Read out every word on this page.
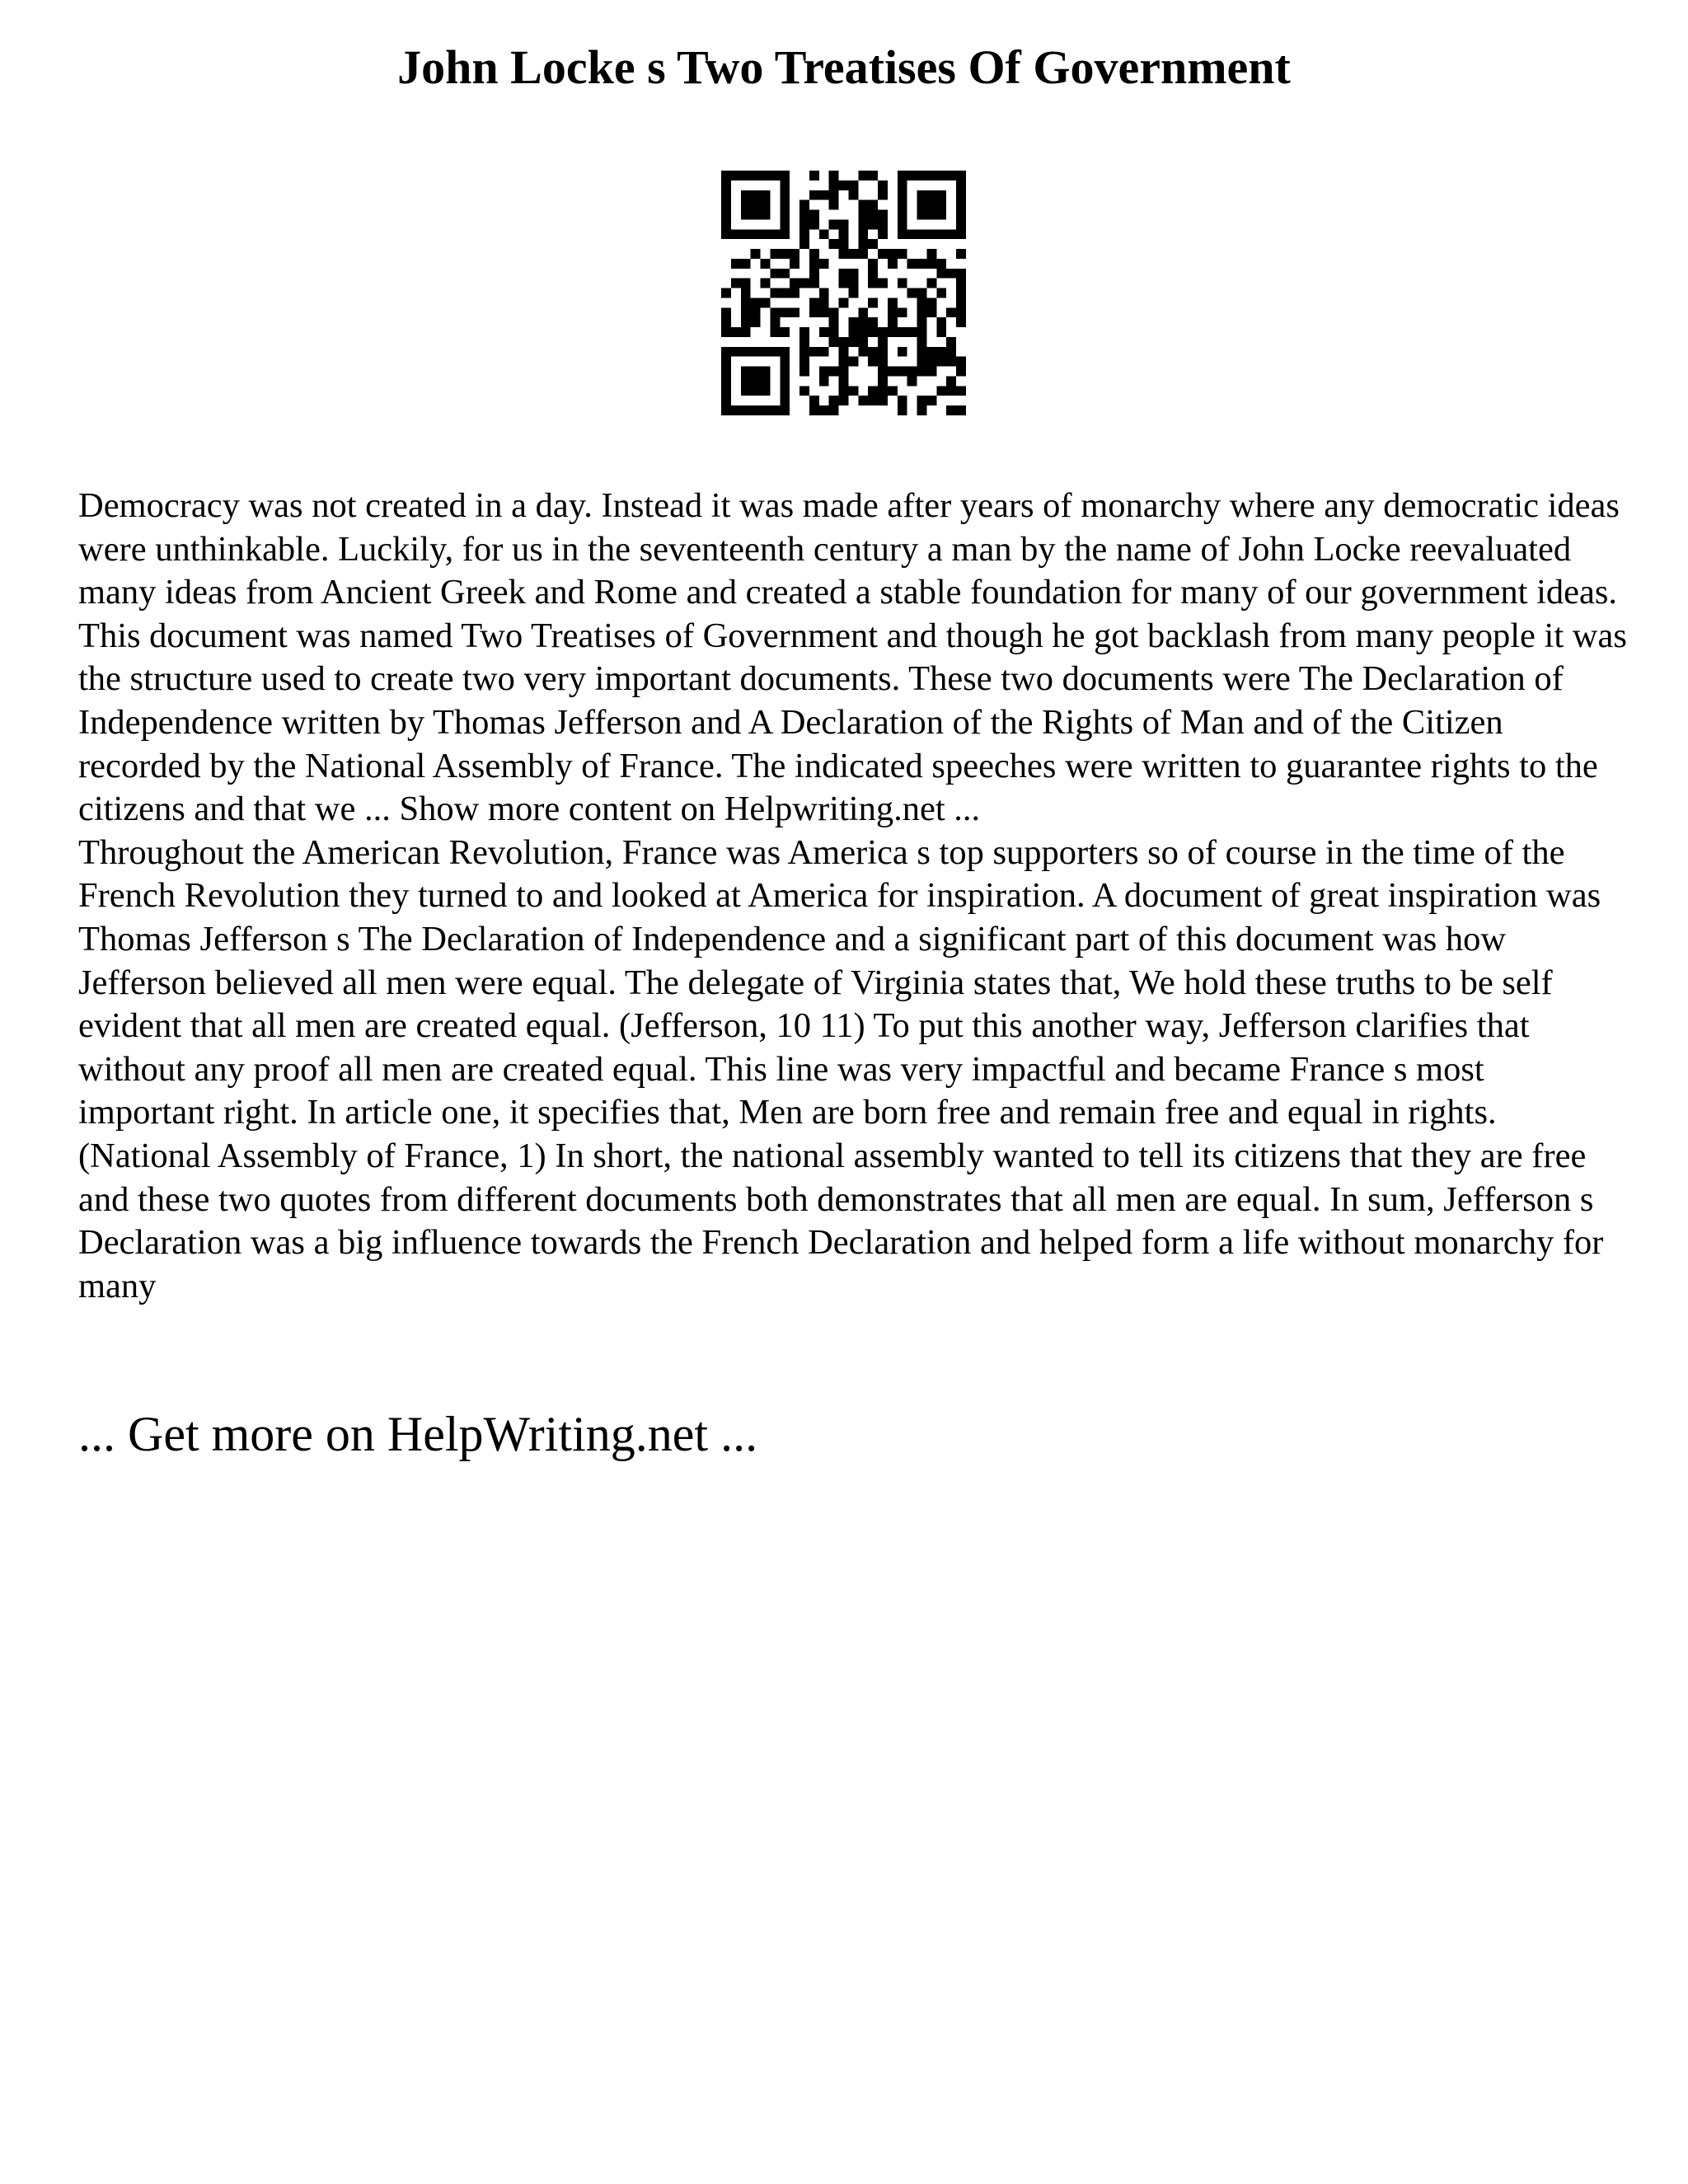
John Locke s Two Treatises Of Government

Democracy was not created in a day. Instead it was made after years of monarchy where any democratic ideas were unthinkable. Luckily, for us in the seventeenth century a man by the name of John Locke reevaluated many ideas from Ancient Greek and Rome and created a stable foundation for many of our government ideas. This document was named Two Treatises of Government and though he got backlash from many people it was the structure used to create two very important documents. These two documents were The Declaration of Independence written by Thomas Jefferson and A Declaration of the Rights of Man and of the Citizen recorded by the National Assembly of France. The indicated speeches were written to guarantee rights to the citizens and that we ... Show more content on Helpwriting.net ...

Throughout the American Revolution, France was America s top supporters so of course in the time of the French Revolution they turned to and looked at America for inspiration. A document of great inspiration was Thomas Jefferson s The Declaration of Independence and a significant part of this document was how Jefferson believed all men were equal. The delegate of Virginia states that, We hold these truths to be self evident that all men are created equal. (Jefferson, 10 11) To put this another way, Jefferson clarifies that without any proof all men are created equal. This line was very impactful and became France s most important right. In article one, it specifies that, Men are born free and remain free and equal in rights. (National Assembly of France, 1) In short, the national assembly wanted to tell its citizens that they are free and these two quotes from different documents both demonstrates that all men are equal. In sum, Jefferson s Declaration was a big influence towards the French Declaration and helped form a life without monarchy for many

... Get more on HelpWriting.net ...
